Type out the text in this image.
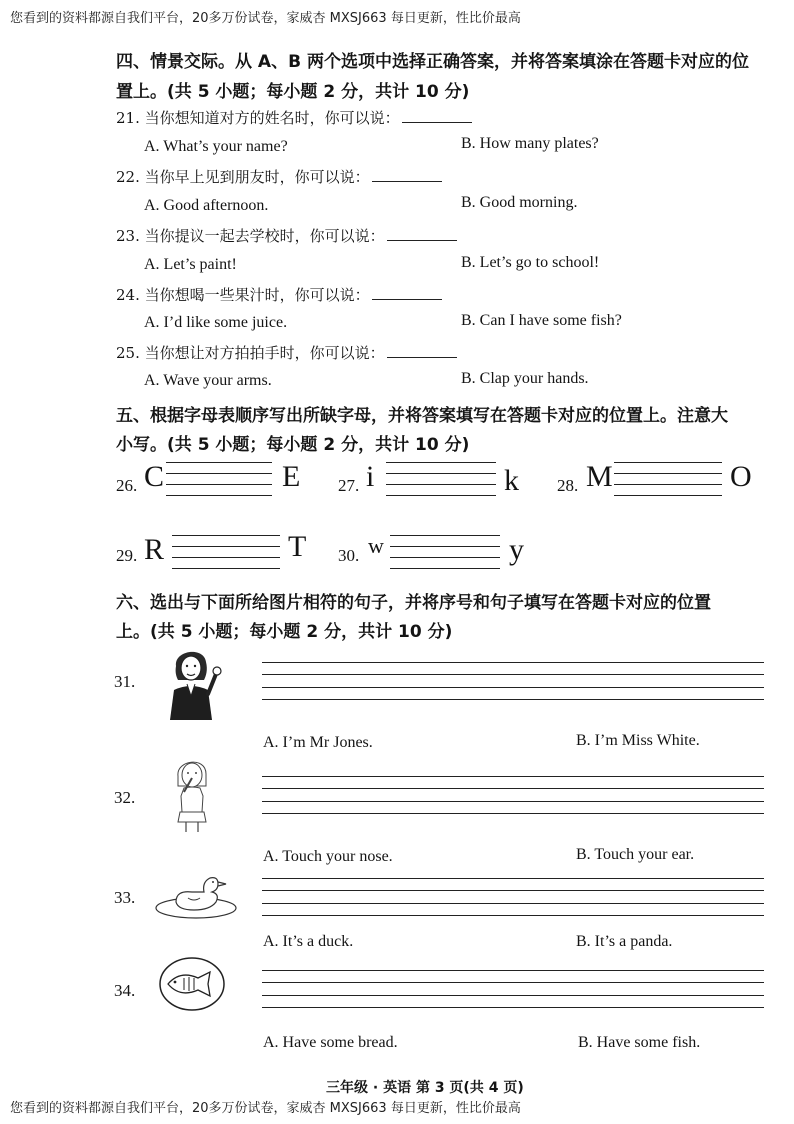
您看到的资料都源自我们平台，20多万份试卷，家威杏 MXSJ663 每日更新，性比价最高
四、情景交际。从 A、B 两个选项中选择正确答案，并将答案填涂在答题卡对应的位
置上。(共 5 小题；每小题 2 分，共计 10 分)
21. 当你想知道对方的姓名时，你可以说：
A. What’s your name?	B. How many plates?
22. 当你早上见到朋友时，你可以说：
A. Good afternoon.	B. Good morning.
23. 当你提议一起去学校时，你可以说：
A. Let’s paint!	B. Let’s go to school!
24. 当你想喝一些果汁时，你可以说：
A. I’d like some juice.	B. Can I have some fish?
25. 当你想让对方拍拍手时，你可以说：
A. Wave your arms.	B. Clap your hands.
五、根据字母表顺序写出所缺字母，并将答案填写在答题卡对应的位置上。注意大
小写。(共 5 小题；每小题 2 分，共计 10 分)
26. C	E 27. i	k 28. M	O
29. R	T 30. w	y
六、选出与下面所给图片相符的句子，并将序号和句子填写在答题卡对应的位置
上。(共 5 小题；每小题 2 分，共计 10 分)
31.
A. I’m Mr Jones.	B. I’m Miss White.
32.
A. Touch your nose.	B. Touch your ear.
33.
A. It’s a duck.	B. It’s a panda.
34.
A. Have some bread.	B. Have some fish.
三年级 · 英语 第 3 页(共 4 页)
您看到的资料都源自我们平台，20多万份试卷，家威杏 MXSJ663 每日更新，性比价最高
